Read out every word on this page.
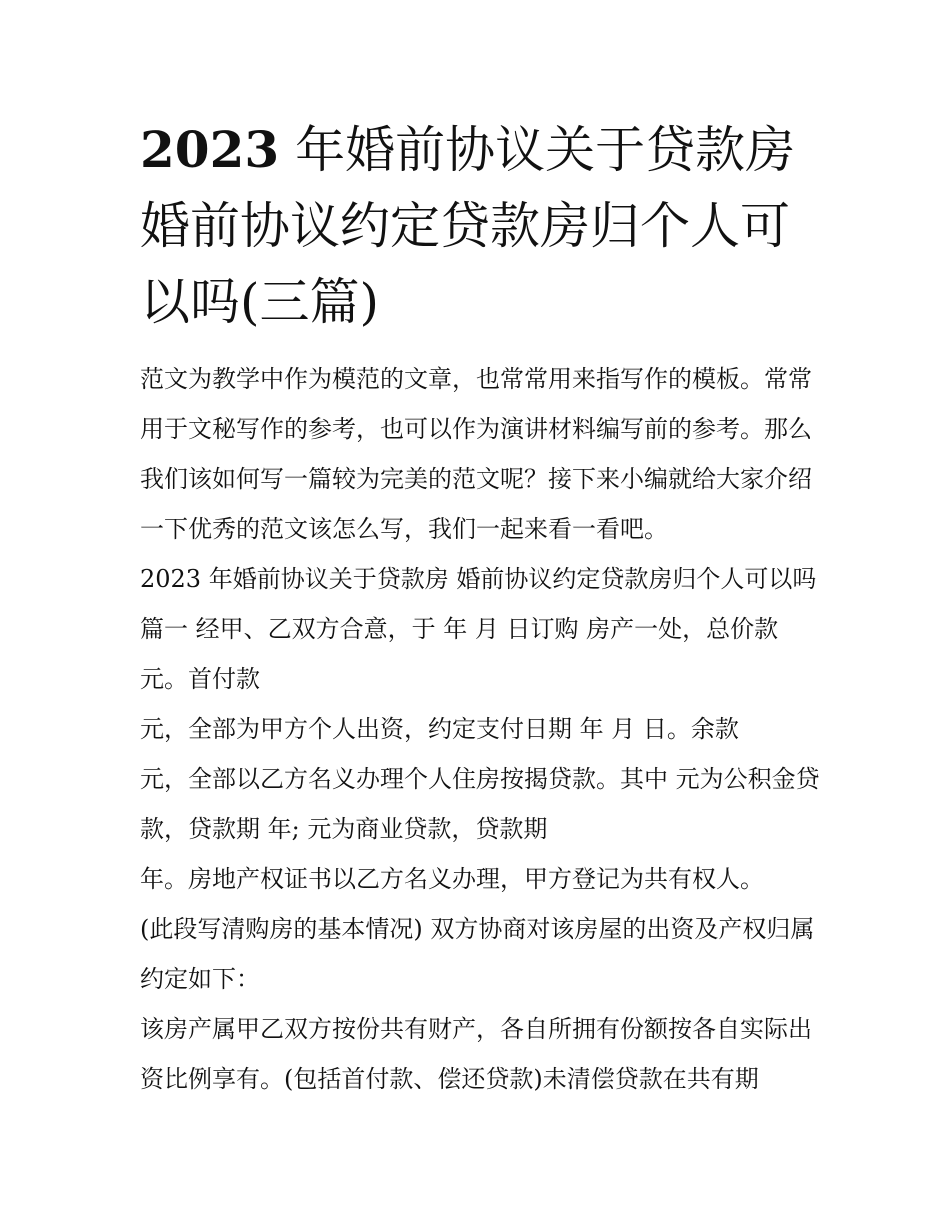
2023 年婚前协议关于贷款房 婚前协议约定贷款房归个人可以吗(三篇)

范文为教学中作为模范的文章，也常常用来指写作的模板。常常用于文秘写作的参考，也可以作为演讲材料编写前的参考。那么我们该如何写一篇较为完美的范文呢？接下来小编就给大家介绍一下优秀的范文该怎么写，我们一起来看一看吧。

2023 年婚前协议关于贷款房 婚前协议约定贷款房归个人可以吗篇一 经甲、乙双方合意，于 年 月 日订购 房产一处，总价款 元。首付款

元，全部为甲方个人出资，约定支付日期 年 月 日。余款

元，全部以乙方名义办理个人住房按揭贷款。其中 元为公积金贷款，贷款期 年; 元为商业贷款，贷款期

年。房地产权证书以乙方名义办理，甲方登记为共有权人。

(此段写清购房的基本情况) 双方协商对该房屋的出资及产权归属约定如下：

该房产属甲乙双方按份共有财产，各自所拥有份额按各自实际出资比例享有。(包括首付款、偿还贷款)未清偿贷款在共有期
